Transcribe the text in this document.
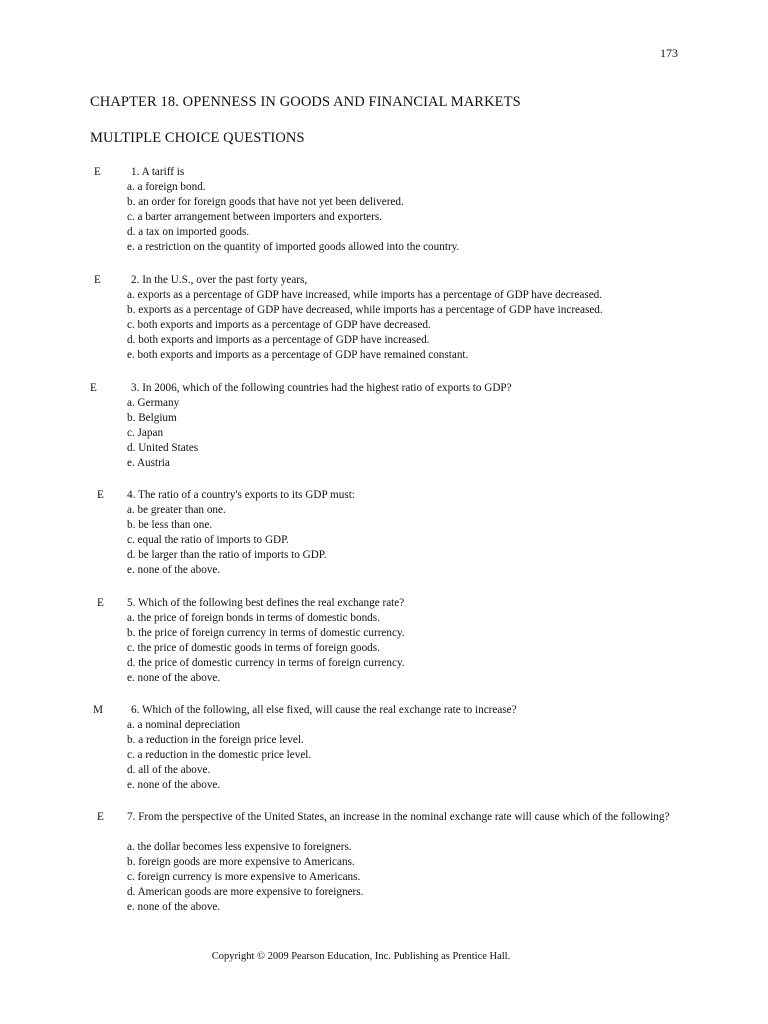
173
CHAPTER 18. OPENNESS IN GOODS AND FINANCIAL MARKETS
MULTIPLE CHOICE QUESTIONS
E	1. A tariff is
a. a foreign bond.
b. an order for foreign goods that have not yet been delivered.
c. a barter arrangement between importers and exporters.
d. a tax on imported goods.
e. a restriction on the quantity of imported goods allowed into the country.
E	2. In the U.S., over the past forty years,
a. exports as a percentage of GDP have increased, while imports has a percentage of GDP have decreased.
b. exports as a percentage of GDP have decreased, while imports has a percentage of GDP have increased.
c. both exports and imports as a percentage of GDP have decreased.
d. both exports and imports as a percentage of GDP have increased.
e. both exports and imports as a percentage of GDP have remained constant.
E	3. In 2006, which of the following countries had the highest ratio of exports to GDP?
a. Germany
b. Belgium
c. Japan
d. United States
e. Austria
E 4. The ratio of a country's exports to its GDP must:
a. be greater than one.
b. be less than one.
c. equal the ratio of imports to GDP.
d. be larger than the ratio of imports to GDP.
e. none of the above.
E 5. Which of the following best defines the real exchange rate?
a. the price of foreign bonds in terms of domestic bonds.
b. the price of foreign currency in terms of domestic currency.
c. the price of domestic goods in terms of foreign goods.
d. the price of domestic currency in terms of foreign currency.
e. none of the above.
M	6. Which of the following, all else fixed, will cause the real exchange rate to increase?
a. a nominal depreciation
b. a reduction in the foreign price level.
c. a reduction in the domestic price level.
d. all of the above.
e. none of the above.
E 7. From the perspective of the United States, an increase in the nominal exchange rate will cause which of the following?
a. the dollar becomes less expensive to foreigners.
b. foreign goods are more expensive to Americans.
c. foreign currency is more expensive to Americans.
d. American goods are more expensive to foreigners.
e. none of the above.
Copyright © 2009 Pearson Education, Inc. Publishing as Prentice Hall.
